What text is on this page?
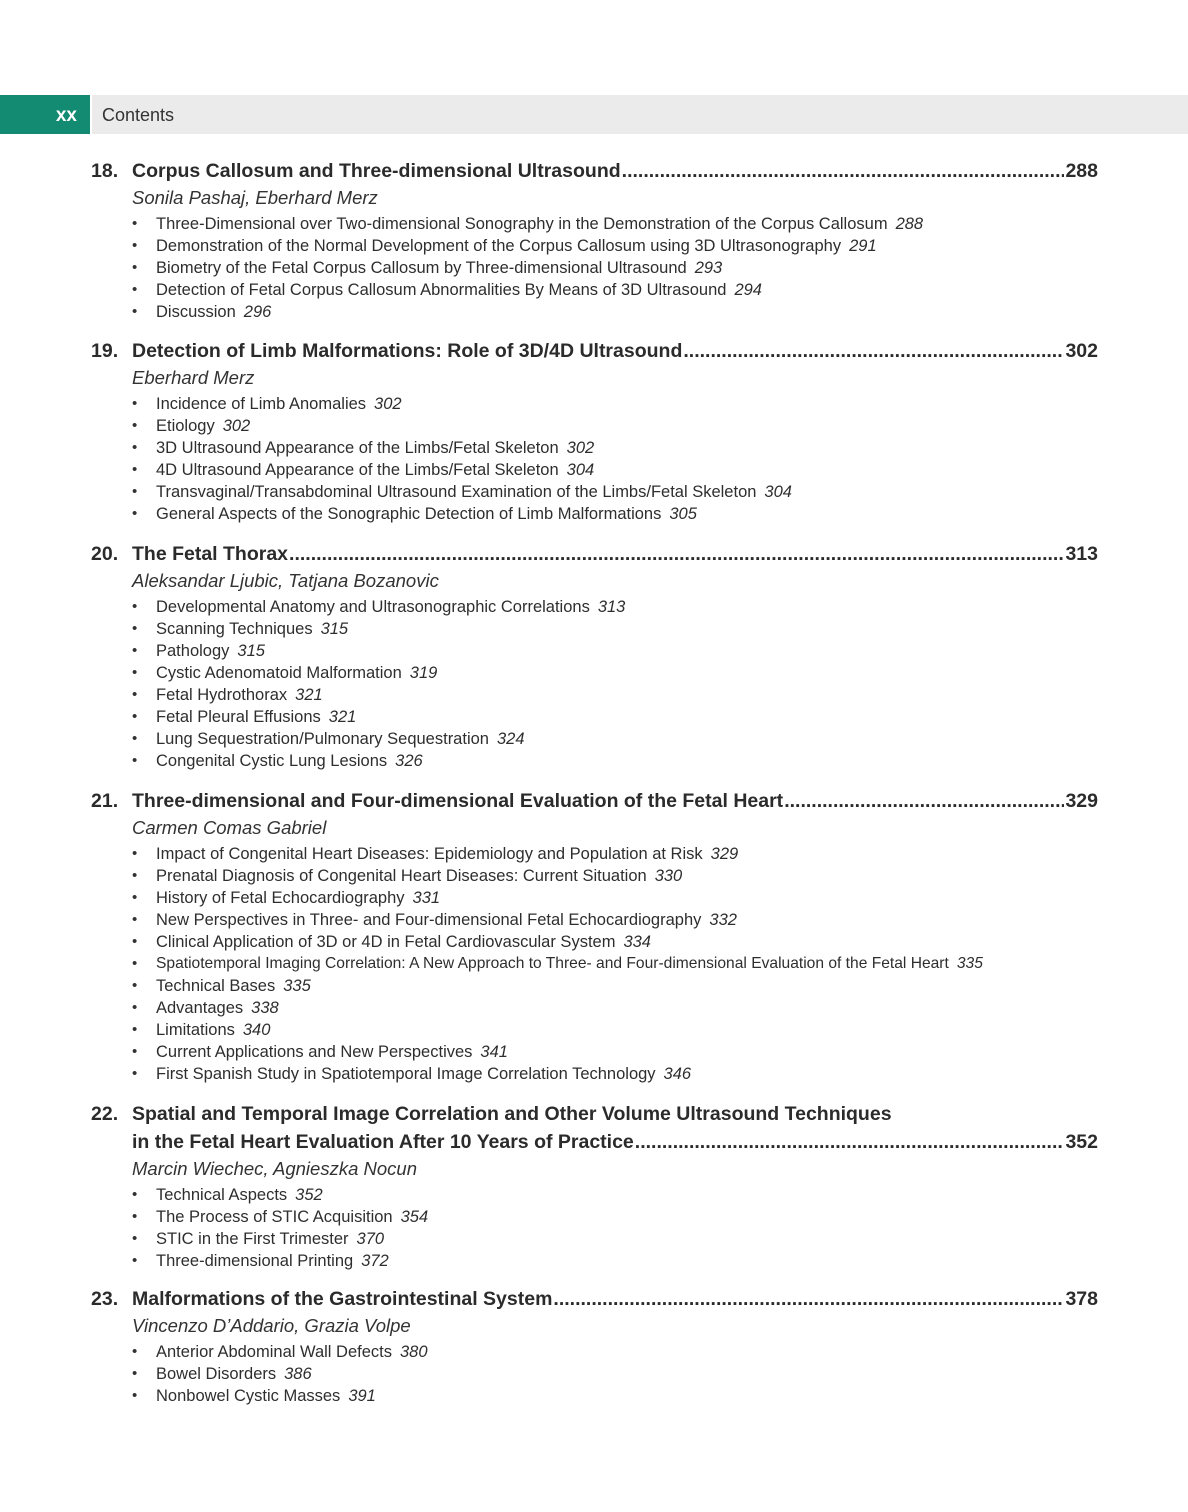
xx	Contents
18. Corpus Callosum and Three-dimensional Ultrasound .....	288
Sonila Pashaj, Eberhard Merz
• Three-Dimensional over Two-dimensional Sonography in the Demonstration of the Corpus Callosum 288
• Demonstration of the Normal Development of the Corpus Callosum using 3D Ultrasonography 291
• Biometry of the Fetal Corpus Callosum by Three-dimensional Ultrasound 293
• Detection of Fetal Corpus Callosum Abnormalities By Means of 3D Ultrasound 294
• Discussion 296
19. Detection of Limb Malformations: Role of 3D/4D Ultrasound .....	302
Eberhard Merz
• Incidence of Limb Anomalies 302
• Etiology 302
• 3D Ultrasound Appearance of the Limbs/Fetal Skeleton 302
• 4D Ultrasound Appearance of the Limbs/Fetal Skeleton 304
• Transvaginal/Transabdominal Ultrasound Examination of the Limbs/Fetal Skeleton 304
• General Aspects of the Sonographic Detection of Limb Malformations 305
20. The Fetal Thorax .....	313
Aleksandar Ljubic, Tatjana Bozanovic
• Developmental Anatomy and Ultrasonographic Correlations 313
• Scanning Techniques 315
• Pathology 315
• Cystic Adenomatoid Malformation 319
• Fetal Hydrothorax 321
• Fetal Pleural Effusions 321
• Lung Sequestration/Pulmonary Sequestration 324
• Congenital Cystic Lung Lesions 326
21. Three-dimensional and Four-dimensional Evaluation of the Fetal Heart .....	329
Carmen Comas Gabriel
• Impact of Congenital Heart Diseases: Epidemiology and Population at Risk 329
• Prenatal Diagnosis of Congenital Heart Diseases: Current Situation 330
• History of Fetal Echocardiography 331
• New Perspectives in Three- and Four-dimensional Fetal Echocardiography 332
• Clinical Application of 3D or 4D in Fetal Cardiovascular System 334
• Spatiotemporal Imaging Correlation: A New Approach to Three- and Four-dimensional Evaluation of the Fetal Heart 335
• Technical Bases 335
• Advantages 338
• Limitations 340
• Current Applications and New Perspectives 341
• First Spanish Study in Spatiotemporal Image Correlation Technology 346
22. Spatial and Temporal Image Correlation and Other Volume Ultrasound Techniques
in the Fetal Heart Evaluation After 10 Years of Practice .....	352
Marcin Wiechec, Agnieszka Nocun
• Technical Aspects 352
• The Process of STIC Acquisition 354
• STIC in the First Trimester 370
• Three-dimensional Printing 372
23. Malformations of the Gastrointestinal System .....	378
Vincenzo D’Addario, Grazia Volpe
• Anterior Abdominal Wall Defects 380
• Bowel Disorders 386
• Nonbowel Cystic Masses 391
